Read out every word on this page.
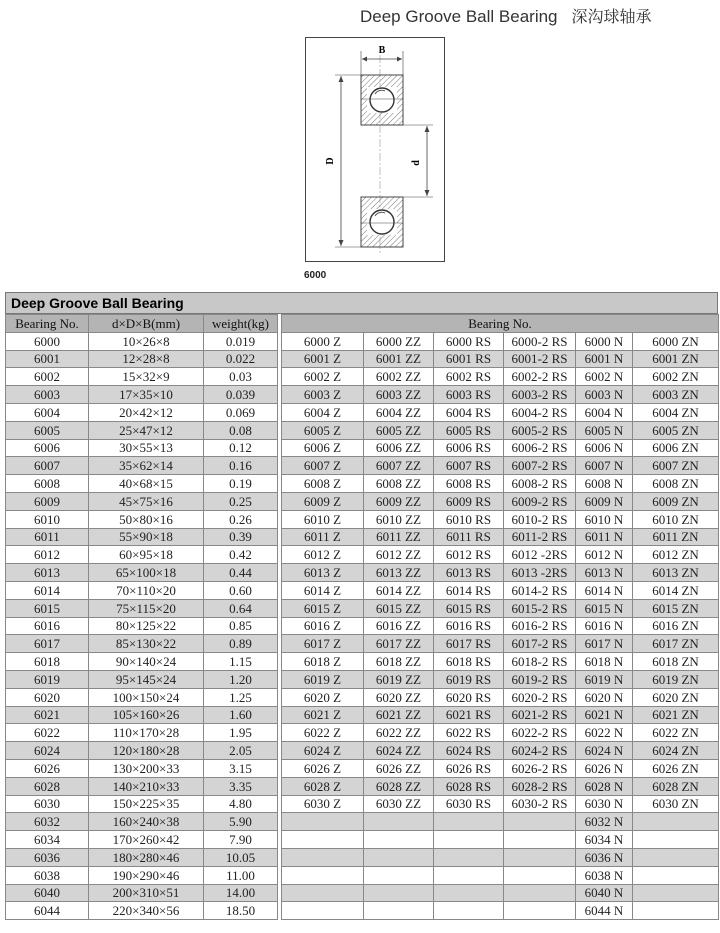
Deep Groove Ball Bearing 深沟球轴承
B
D	d
6000
Deep Groove Ball Bearing
Bearing No.	d×D×B(mm)	weight(kg)		Bearing No.					
6000	10×26×8	0.019		6000 Z	6000 ZZ	6000 RS	6000-2 RS	6000 N	6000 ZN
6001	12×28×8	0.022		6001 Z	6001 ZZ	6001 RS	6001-2 RS	6001 N	6001 ZN
6002	15×32×9	0.03		6002 Z	6002 ZZ	6002 RS	6002-2 RS	6002 N	6002 ZN
6003	17×35×10	0.039		6003 Z	6003 ZZ	6003 RS	6003-2 RS	6003 N	6003 ZN
6004	20×42×12	0.069		6004 Z	6004 ZZ	6004 RS	6004-2 RS	6004 N	6004 ZN
6005	25×47×12	0.08		6005 Z	6005 ZZ	6005 RS	6005-2 RS	6005 N	6005 ZN
6006	30×55×13	0.12		6006 Z	6006 ZZ	6006 RS	6006-2 RS	6006 N	6006 ZN
6007	35×62×14	0.16		6007 Z	6007 ZZ	6007 RS	6007-2 RS	6007 N	6007 ZN
6008	40×68×15	0.19		6008 Z	6008 ZZ	6008 RS	6008-2 RS	6008 N	6008 ZN
6009	45×75×16	0.25		6009 Z	6009 ZZ	6009 RS	6009-2 RS	6009 N	6009 ZN
6010	50×80×16	0.26		6010 Z	6010 ZZ	6010 RS	6010-2 RS	6010 N	6010 ZN
6011	55×90×18	0.39		6011 Z	6011 ZZ	6011 RS	6011-2 RS	6011 N	6011 ZN
6012	60×95×18	0.42		6012 Z	6012 ZZ	6012 RS	6012 -2RS	6012 N	6012 ZN
6013	65×100×18	0.44		6013 Z	6013 ZZ	6013 RS	6013 -2RS	6013 N	6013 ZN
6014	70×110×20	0.60		6014 Z	6014 ZZ	6014 RS	6014-2 RS	6014 N	6014 ZN
6015	75×115×20	0.64		6015 Z	6015 ZZ	6015 RS	6015-2 RS	6015 N	6015 ZN
6016	80×125×22	0.85		6016 Z	6016 ZZ	6016 RS	6016-2 RS	6016 N	6016 ZN
6017	85×130×22	0.89		6017 Z	6017 ZZ	6017 RS	6017-2 RS	6017 N	6017 ZN
6018	90×140×24	1.15		6018 Z	6018 ZZ	6018 RS	6018-2 RS	6018 N	6018 ZN
6019	95×145×24	1.20		6019 Z	6019 ZZ	6019 RS	6019-2 RS	6019 N	6019 ZN
6020	100×150×24	1.25		6020 Z	6020 ZZ	6020 RS	6020-2 RS	6020 N	6020 ZN
6021	105×160×26	1.60		6021 Z	6021 ZZ	6021 RS	6021-2 RS	6021 N	6021 ZN
6022	110×170×28	1.95		6022 Z	6022 ZZ	6022 RS	6022-2 RS	6022 N	6022 ZN
6024	120×180×28	2.05		6024 Z	6024 ZZ	6024 RS	6024-2 RS	6024 N	6024 ZN
6026	130×200×33	3.15		6026 Z	6026 ZZ	6026 RS	6026-2 RS	6026 N	6026 ZN
6028	140×210×33	3.35		6028 Z	6028 ZZ	6028 RS	6028-2 RS	6028 N	6028 ZN
6030	150×225×35	4.80		6030 Z	6030 ZZ	6030 RS	6030-2 RS	6030 N	6030 ZN
6032	160×240×38	5.90						6032 N	
6034	170×260×42	7.90						6034 N	
6036	180×280×46	10.05						6036 N	
6038	190×290×46	11.00						6038 N	
6040	200×310×51	14.00						6040 N	
6044	220×340×56	18.50						6044 N	
